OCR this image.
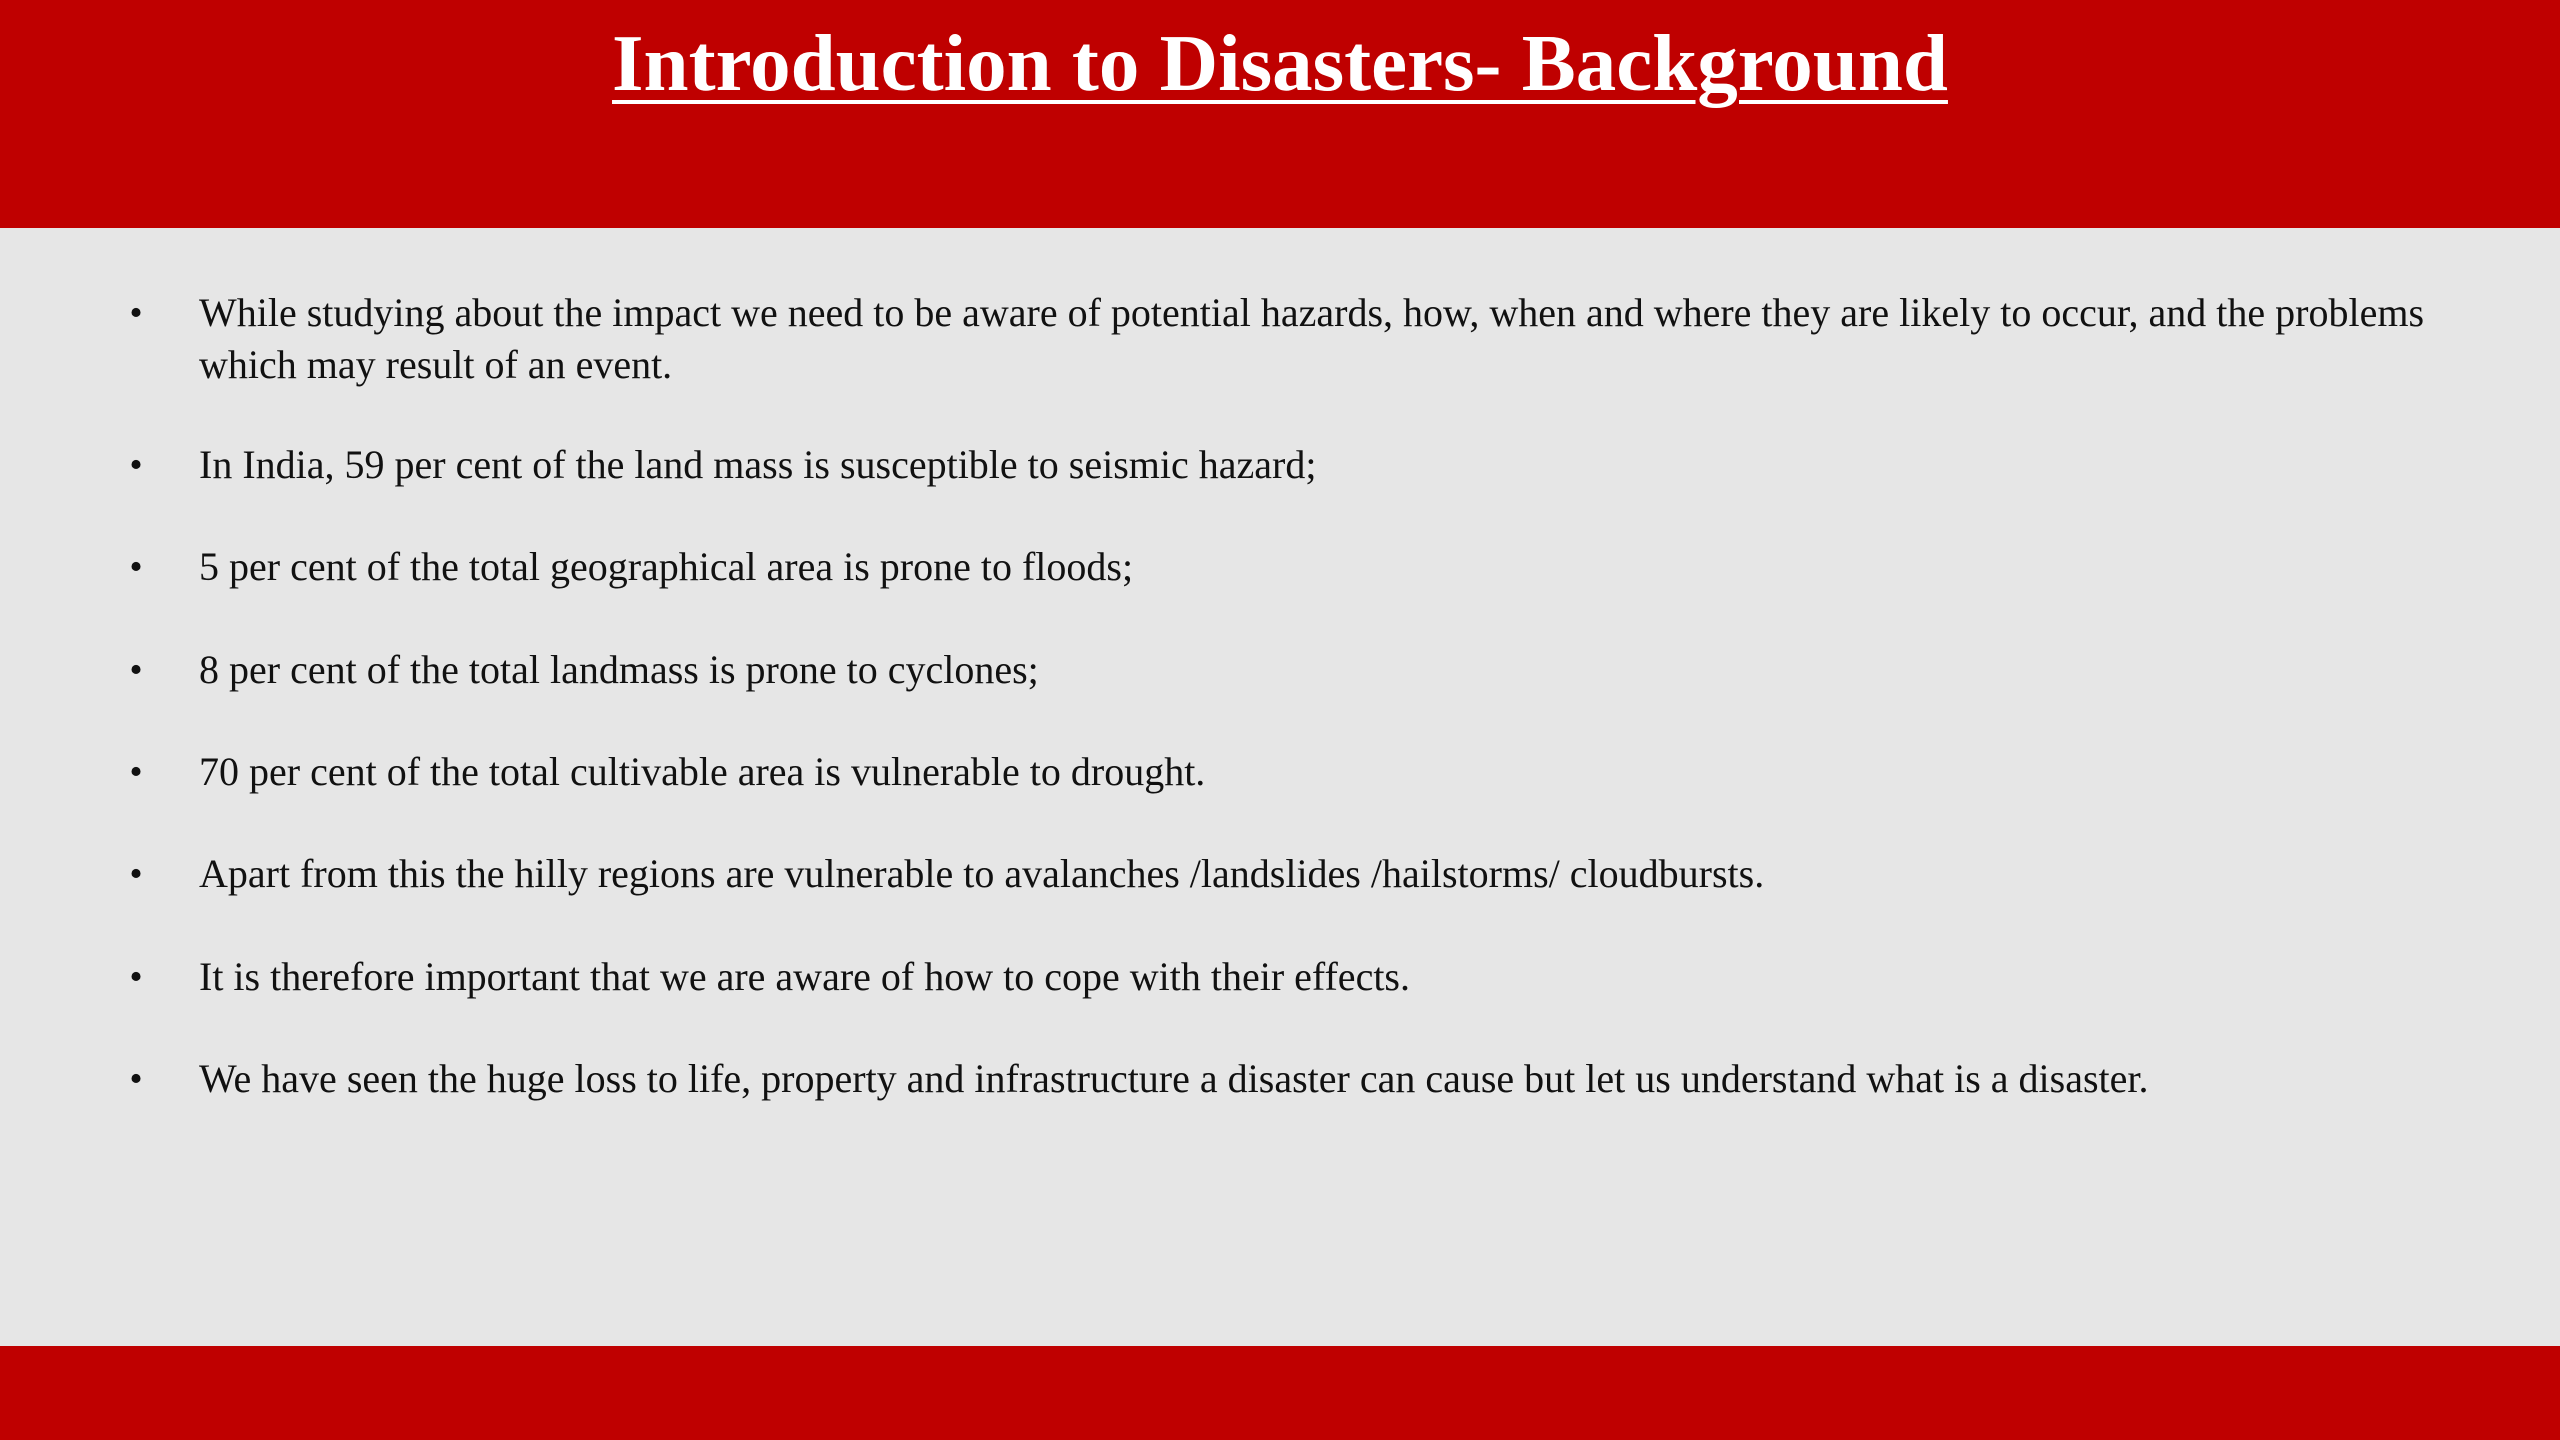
Introduction to Disasters- Background
• While studying about the impact we need to be aware of potential hazards, how, when and where they are likely to occur, and the problems which may result of an event.
• In India, 59 per cent of the land mass is susceptible to seismic hazard;
• 5 per cent of the total geographical area is prone to floods;
• 8 per cent of the total landmass is prone to cyclones;
• 70 per cent of the total cultivable area is vulnerable to drought.
• Apart from this the hilly regions are vulnerable to avalanches /landslides /hailstorms/ cloudbursts.
• It is therefore important that we are aware of how to cope with their effects.
• We have seen the huge loss to life, property and infrastructure a disaster can cause but let us understand what is a disaster.
